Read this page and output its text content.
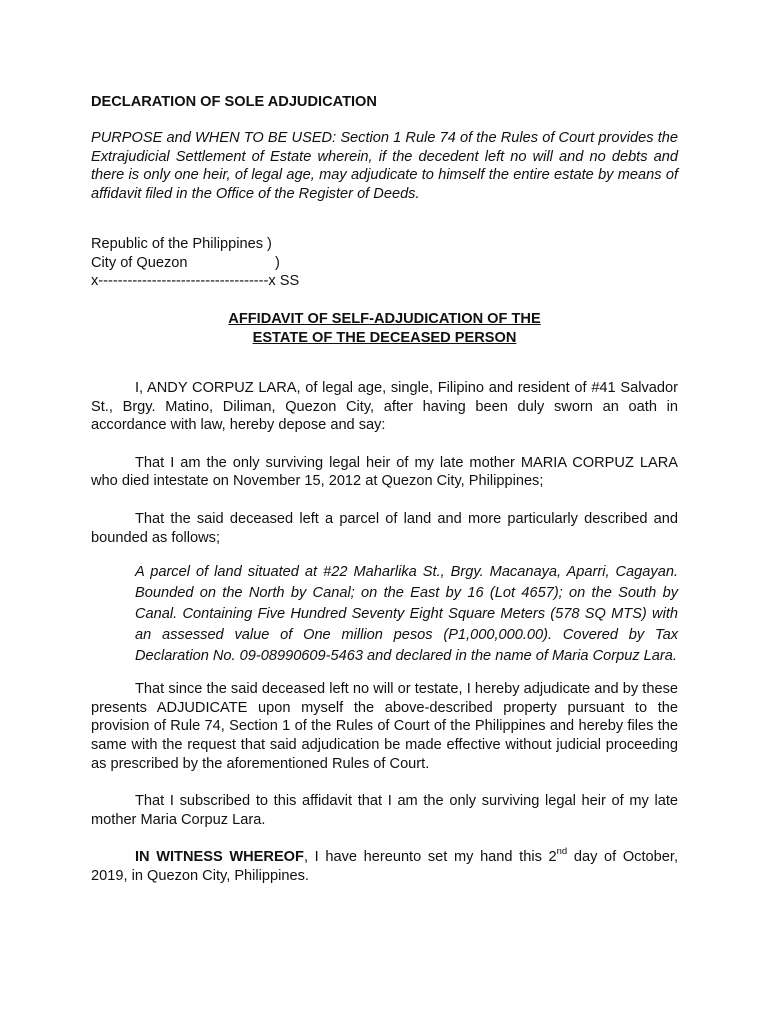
DECLARATION OF SOLE ADJUDICATION

PURPOSE and WHEN TO BE USED: Section 1 Rule 74 of the Rules of Court provides the Extrajudicial Settlement of Estate wherein, if the decedent left no will and no debts and there is only one heir, of legal age, may adjudicate to himself the entire estate by means of affidavit filed in the Office of the Register of Deeds.

Republic of the Philippines )
City of Quezon	)
x-----------------------------------x SS
AFFIDAVIT OF SELF-ADJUDICATION OF THE
ESTATE OF THE DECEASED PERSON

I, ANDY CORPUZ LARA, of legal age, single, Filipino and resident of #41 Salvador St., Brgy. Matino, Diliman, Quezon City, after having been duly sworn an oath in accordance with law, hereby depose and say:

That I am the only surviving legal heir of my late mother MARIA CORPUZ LARA who died intestate on November 15, 2012 at Quezon City, Philippines;

That the said deceased left a parcel of land and more particularly described and bounded as follows;

A parcel of land situated at #22 Maharlika St., Brgy. Macanaya, Aparri, Cagayan. Bounded on the North by Canal; on the East by 16 (Lot 4657); on the South by Canal. Containing Five Hundred Seventy Eight Square Meters (578 SQ MTS) with an assessed value of One million pesos (P1,000,000.00). Covered by Tax Declaration No. 09-08990609-5463 and declared in the name of Maria Corpuz Lara.

That since the said deceased left no will or testate, I hereby adjudicate and by these presents ADJUDICATE upon myself the above-described property pursuant to the provision of Rule 74, Section 1 of the Rules of Court of the Philippines and hereby files the same with the request that said adjudication be made effective without judicial proceeding as prescribed by the aforementioned Rules of Court.

That I subscribed to this affidavit that I am the only surviving legal heir of my late mother Maria Corpuz Lara.

IN WITNESS WHEREOF, I have hereunto set my hand this 2nd day of October, 2019, in Quezon City, Philippines.
